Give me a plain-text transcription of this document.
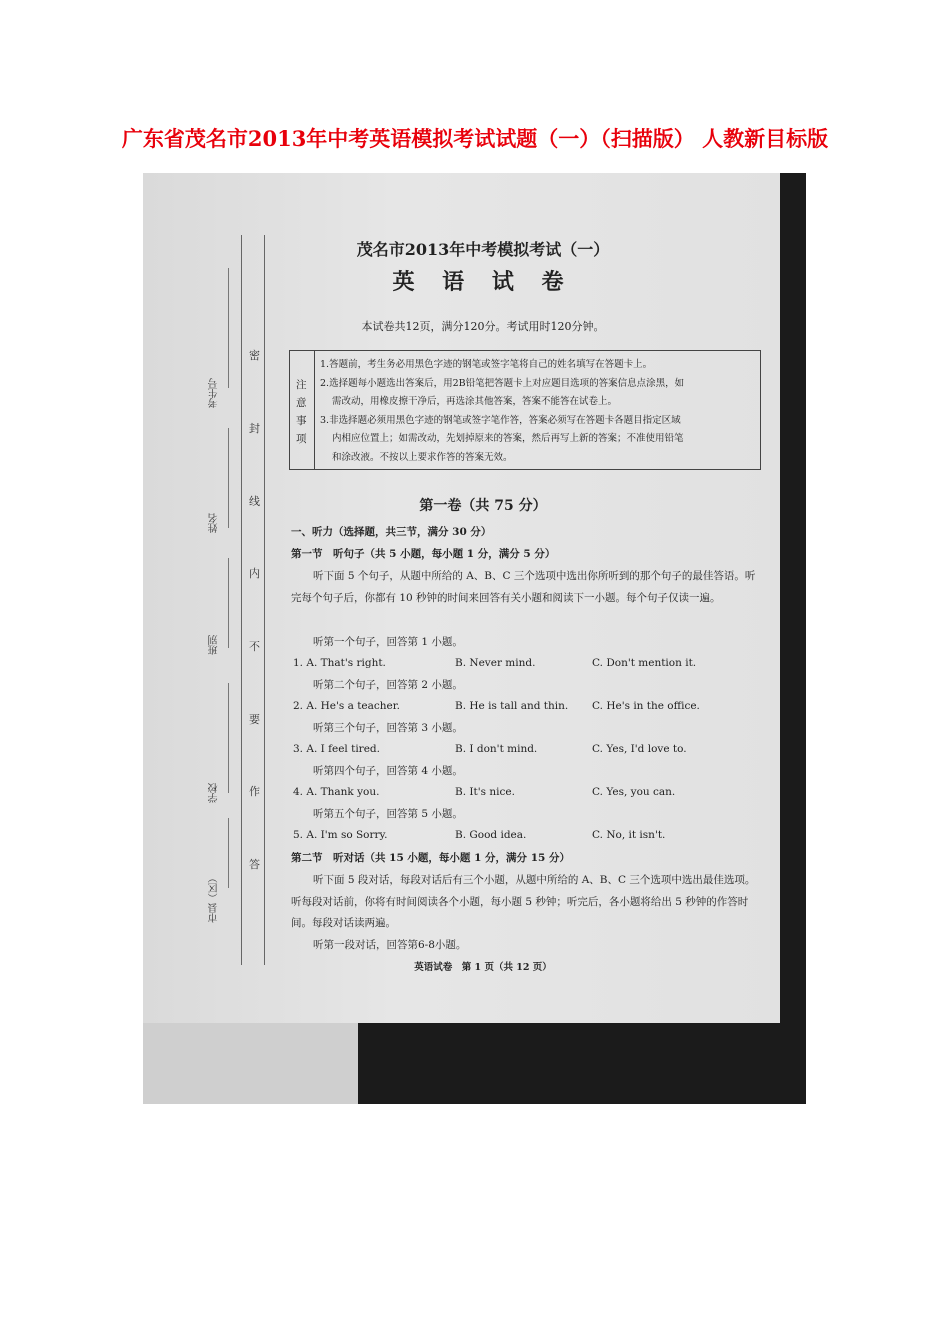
广东省茂名市2013年中考英语模拟考试试题（一）（扫描版） 人教新目标版

密
封
线
内
不
要
作
答
考生号
姓名
班别
学校
市县（区）
茂名市2013年中考模拟考试（一）
英 语 试 卷
本试卷共12页，满分120分。考试用时120分钟。
注
意
事
项
1.答题前，考生务必用黑色字迹的钢笔或签字笔将自己的姓名填写在答题卡上。
2.选择题每小题选出答案后，用2B铅笔把答题卡上对应题目选项的答案信息点涂黑，如
需改动，用橡皮擦干净后，再选涂其他答案，答案不能答在试卷上。
3.非选择题必须用黑色字迹的钢笔或签字笔作答，答案必须写在答题卡各题目指定区域
内相应位置上；如需改动，先划掉原来的答案，然后再写上新的答案；不准使用铅笔
和涂改液。不按以上要求作答的答案无效。
第一卷（共 75 分）
一、听力（选择题，共三节，满分 30 分）
第一节　听句子（共 5 小题，每小题 1 分，满分 5 分）
听下面 5 个句子，从题中所给的 A、B、C 三个选项中选出你所听到的那个句子的最佳答语。听完每个句子后，你都有 10 秒钟的时间来回答有关小题和阅读下一小题。每个句子仅读一遍。
听第一个句子，回答第 1 小题。
1. A. That's right.	B. Never mind.	C. Don't mention it.
听第二个句子，回答第 2 小题。
2. A. He's a teacher.	B. He is tall and thin. C. He's in the office.
听第三个句子，回答第 3 小题。
3. A. I feel tired.	B. I don't mind.	C. Yes, I'd love to.
听第四个句子，回答第 4 小题。
4. A. Thank you.	B. It's nice.	C. Yes, you can.
听第五个句子，回答第 5 小题。
5. A. I'm so Sorry.	B. Good idea.	C. No, it isn't.
第二节　听对话（共 15 小题，每小题 1 分，满分 15 分）
听下面 5 段对话，每段对话后有三个小题，从题中所给的 A、B、C 三个选项中选出最佳选项。听每段对话前，你将有时间阅读各个小题，每小题 5 秒钟；听完后，各小题将给出 5 秒钟的作答时间。每段对话读两遍。
听第一段对话，回答第6-8小题。
英语试卷　第 1 页（共 12 页）
